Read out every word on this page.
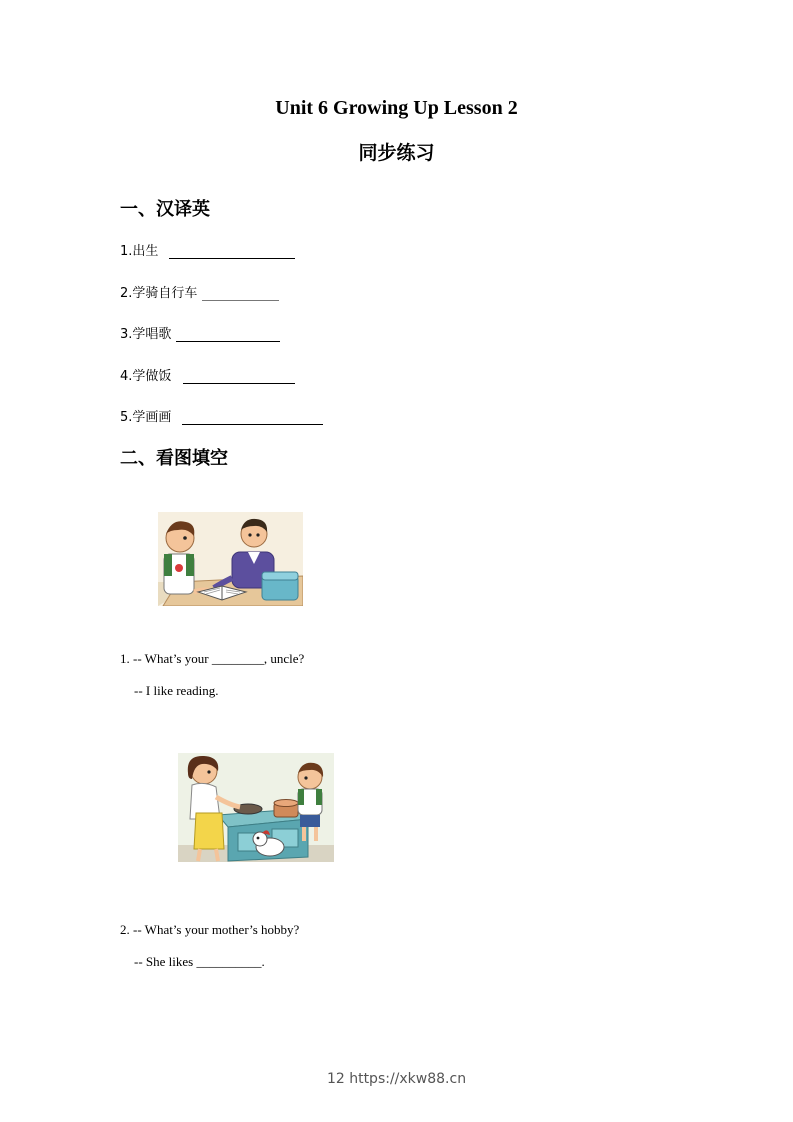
Unit 6 Growing Up Lesson 2
同步练习
一、汉译英
1.出生
2.学骑自行车
3.学唱歌
4.学做饭
5.学画画
二、看图填空
1. -- What’s your ________, uncle?
-- I like reading.
2. -- What’s your mother’s hobby?
-- She likes __________.
12 https://xkw88.cn
